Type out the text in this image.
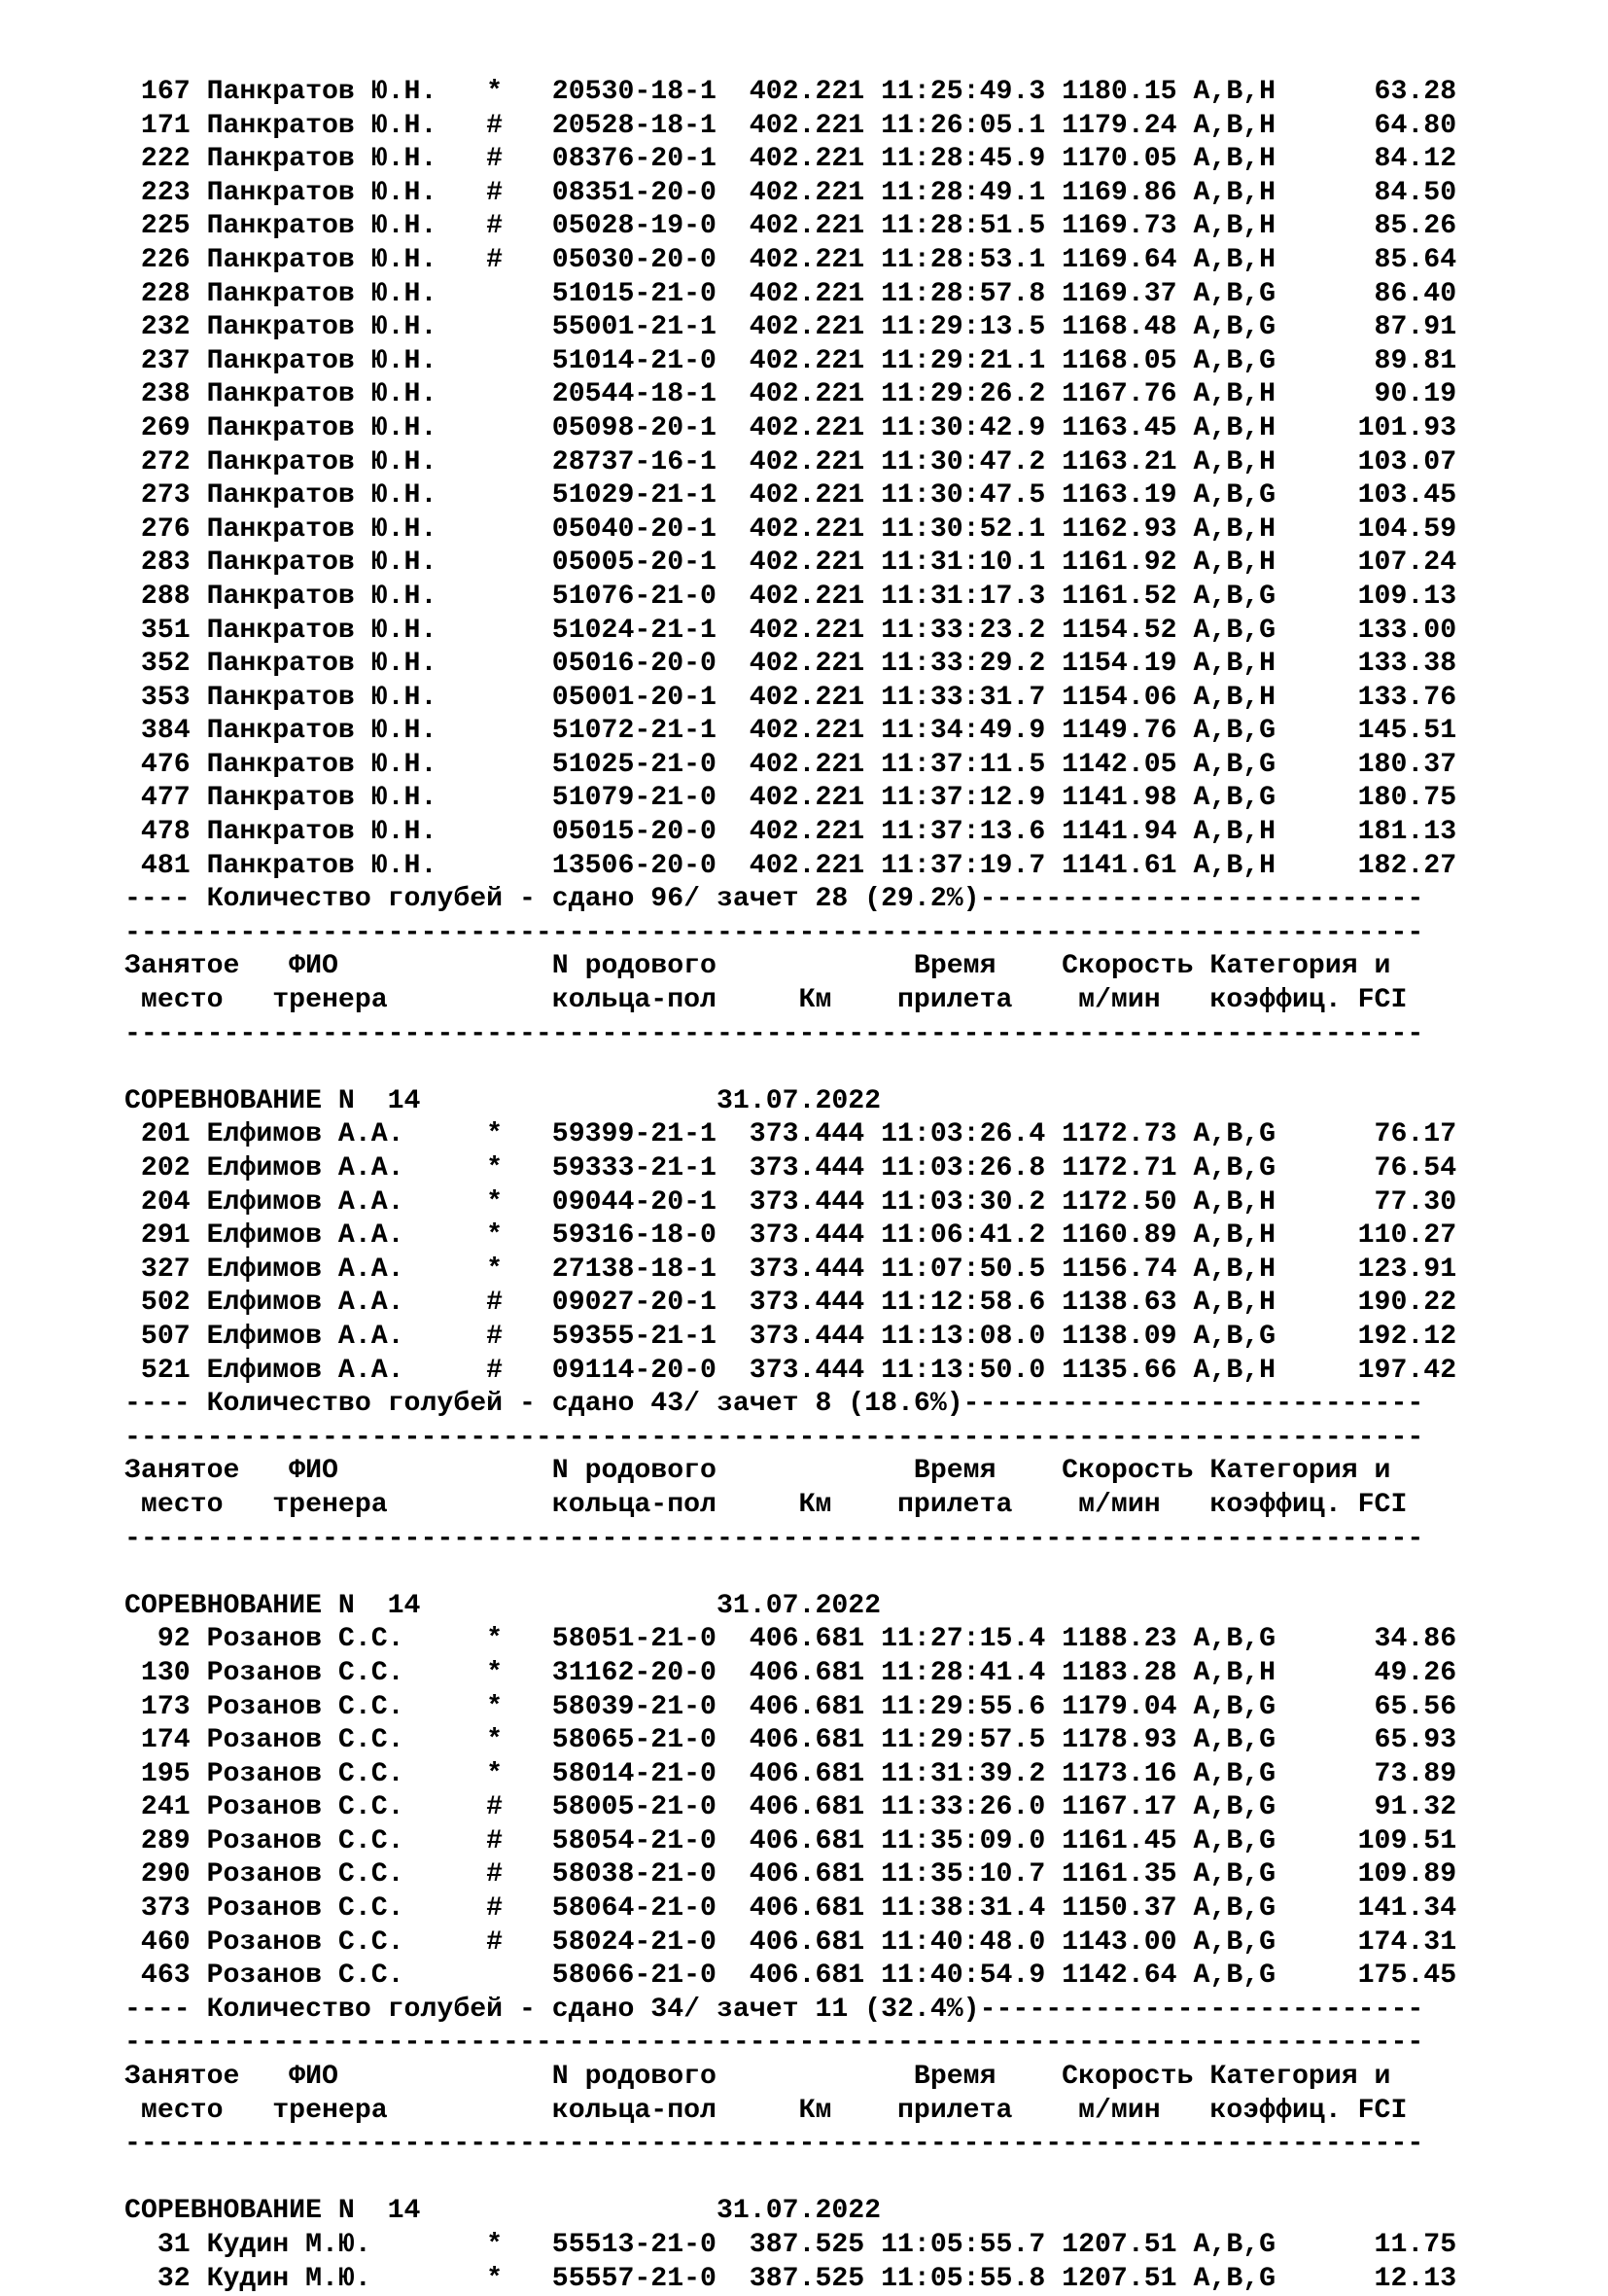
167 Панкратов Ю.Н.   *   20530-18-1  402.221 11:25:49.3 1180.15 A,B,H      63.28
171 Панкратов Ю.Н.   #   20528-18-1  402.221 11:26:05.1 1179.24 A,B,H      64.80
222 Панкратов Ю.Н.   #   08376-20-1  402.221 11:28:45.9 1170.05 A,B,H      84.12
223 Панкратов Ю.Н.   #   08351-20-0  402.221 11:28:49.1 1169.86 A,B,H      84.50
225 Панкратов Ю.Н.   #   05028-19-0  402.221 11:28:51.5 1169.73 A,B,H      85.26
226 Панкратов Ю.Н.   #   05030-20-0  402.221 11:28:53.1 1169.64 A,B,H      85.64
228 Панкратов Ю.Н.       51015-21-0  402.221 11:28:57.8 1169.37 A,B,G      86.40
232 Панкратов Ю.Н.       55001-21-1  402.221 11:29:13.5 1168.48 A,B,G      87.91
237 Панкратов Ю.Н.       51014-21-0  402.221 11:29:21.1 1168.05 A,B,G      89.81
238 Панкратов Ю.Н.       20544-18-1  402.221 11:29:26.2 1167.76 A,B,H      90.19
269 Панкратов Ю.Н.       05098-20-1  402.221 11:30:42.9 1163.45 A,B,H     101.93
272 Панкратов Ю.Н.       28737-16-1  402.221 11:30:47.2 1163.21 A,B,H     103.07
273 Панкратов Ю.Н.       51029-21-1  402.221 11:30:47.5 1163.19 A,B,G     103.45
276 Панкратов Ю.Н.       05040-20-1  402.221 11:30:52.1 1162.93 A,B,H     104.59
283 Панкратов Ю.Н.       05005-20-1  402.221 11:31:10.1 1161.92 A,B,H     107.24
288 Панкратов Ю.Н.       51076-21-0  402.221 11:31:17.3 1161.52 A,B,G     109.13
351 Панкратов Ю.Н.       51024-21-1  402.221 11:33:23.2 1154.52 A,B,G     133.00
352 Панкратов Ю.Н.       05016-20-0  402.221 11:33:29.2 1154.19 A,B,H     133.38
353 Панкратов Ю.Н.       05001-20-1  402.221 11:33:31.7 1154.06 A,B,H     133.76
384 Панкратов Ю.Н.       51072-21-1  402.221 11:34:49.9 1149.76 A,B,G     145.51
476 Панкратов Ю.Н.       51025-21-0  402.221 11:37:11.5 1142.05 A,B,G     180.37
477 Панкратов Ю.Н.       51079-21-0  402.221 11:37:12.9 1141.98 A,B,G     180.75
478 Панкратов Ю.Н.       05015-20-0  402.221 11:37:13.6 1141.94 A,B,H     181.13
481 Панкратов Ю.Н.       13506-20-0  402.221 11:37:19.7 1141.61 A,B,H     182.27
---- Количество голубей - сдано 96/ зачет 28 (29.2%)---------------------------
-------------------------------------------------------------------------------
Занятое   ФИО             N родового            Время    Скорость Категория и
место   тренера          кольца-пол     Км    прилета    м/мин   коэффиц. FCI
-------------------------------------------------------------------------------

СОРЕВНОВАНИЕ N  14                  31.07.2022
201 Елфимов А.А.     *   59399-21-1  373.444 11:03:26.4 1172.73 A,B,G      76.17
202 Елфимов А.А.     *   59333-21-1  373.444 11:03:26.8 1172.71 A,B,G      76.54
204 Елфимов А.А.     *   09044-20-1  373.444 11:03:30.2 1172.50 A,B,H      77.30
291 Елфимов А.А.     *   59316-18-0  373.444 11:06:41.2 1160.89 A,B,H     110.27
327 Елфимов А.А.     *   27138-18-1  373.444 11:07:50.5 1156.74 A,B,H     123.91
502 Елфимов А.А.     #   09027-20-1  373.444 11:12:58.6 1138.63 A,B,H     190.22
507 Елфимов А.А.     #   59355-21-1  373.444 11:13:08.0 1138.09 A,B,G     192.12
521 Елфимов А.А.     #   09114-20-0  373.444 11:13:50.0 1135.66 A,B,H     197.42
---- Количество голубей - сдано 43/ зачет 8 (18.6%)----------------------------
-------------------------------------------------------------------------------
Занятое   ФИО             N родового            Время    Скорость Категория и
место   тренера          кольца-пол     Км    прилета    м/мин   коэффиц. FCI
-------------------------------------------------------------------------------

СОРЕВНОВАНИЕ N  14                  31.07.2022
92 Розанов С.С.     *   58051-21-0  406.681 11:27:15.4 1188.23 A,B,G      34.86
130 Розанов С.С.     *   31162-20-0  406.681 11:28:41.4 1183.28 A,B,H      49.26
173 Розанов С.С.     *   58039-21-0  406.681 11:29:55.6 1179.04 A,B,G      65.56
174 Розанов С.С.     *   58065-21-0  406.681 11:29:57.5 1178.93 A,B,G      65.93
195 Розанов С.С.     *   58014-21-0  406.681 11:31:39.2 1173.16 A,B,G      73.89
241 Розанов С.С.     #   58005-21-0  406.681 11:33:26.0 1167.17 A,B,G      91.32
289 Розанов С.С.     #   58054-21-0  406.681 11:35:09.0 1161.45 A,B,G     109.51
290 Розанов С.С.     #   58038-21-0  406.681 11:35:10.7 1161.35 A,B,G     109.89
373 Розанов С.С.     #   58064-21-0  406.681 11:38:31.4 1150.37 A,B,G     141.34
460 Розанов С.С.     #   58024-21-0  406.681 11:40:48.0 1143.00 A,B,G     174.31
463 Розанов С.С.         58066-21-0  406.681 11:40:54.9 1142.64 A,B,G     175.45
---- Количество голубей - сдано 34/ зачет 11 (32.4%)---------------------------
-------------------------------------------------------------------------------
Занятое   ФИО             N родового            Время    Скорость Категория и
место   тренера          кольца-пол     Км    прилета    м/мин   коэффиц. FCI
-------------------------------------------------------------------------------

СОРЕВНОВАНИЕ N  14                  31.07.2022
31 Кудин М.Ю.       *   55513-21-0  387.525 11:05:55.7 1207.51 A,B,G      11.75
32 Кудин М.Ю.       *   55557-21-0  387.525 11:05:55.8 1207.51 A,B,G      12.13
